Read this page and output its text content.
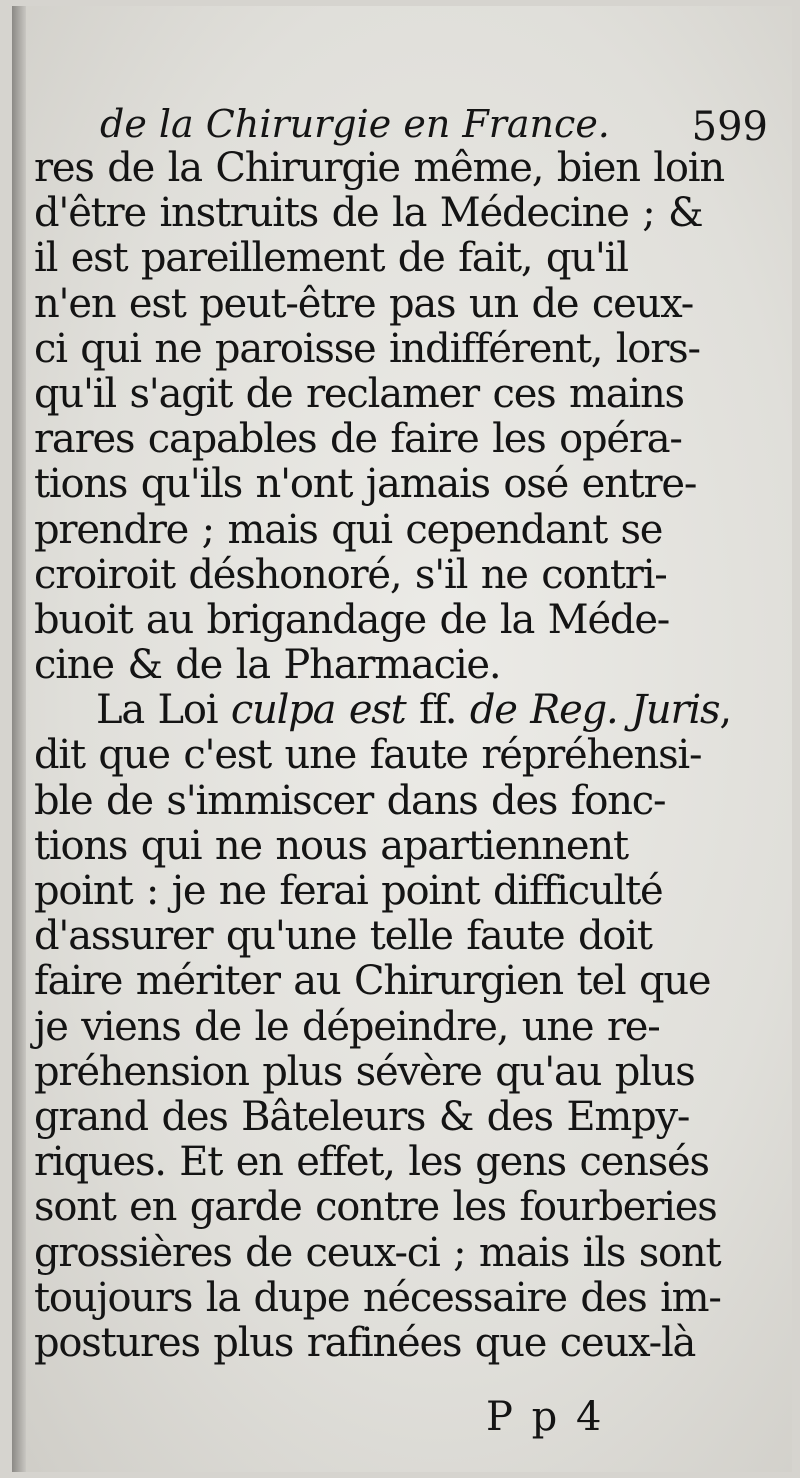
de la Chirurgie en France. 599
res de la Chirurgie même, bien loin
d'être instruits de la Médecine ; &
il est pareillement de fait, qu'il
n'en est peut-être pas un de ceux-
ci qui ne paroisse indifférent, lors-
qu'il s'agit de reclamer ces mains
rares capables de faire les opéra-
tions qu'ils n'ont jamais osé entre-
prendre ; mais qui cependant se
croiroit déshonoré, s'il ne contri-
buoit au brigandage de la Méde-
cine & de la Pharmacie.
La Loi culpa est ff. de Reg. Juris,
dit que c'est une faute répréhensi-
ble de s'immiscer dans des fonc-
tions qui ne nous apartiennent
point : je ne ferai point difficulté
d'assurer qu'une telle faute doit
faire mériter au Chirurgien tel que
je viens de le dépeindre, une re-
préhension plus sévère qu'au plus
grand des Bâteleurs & des Empy-
riques. Et en effet, les gens censés
sont en garde contre les fourberies
grossières de ceux-ci ; mais ils sont
toujours la dupe nécessaire des im-
postures plus rafinées que ceux-là
P p 4
